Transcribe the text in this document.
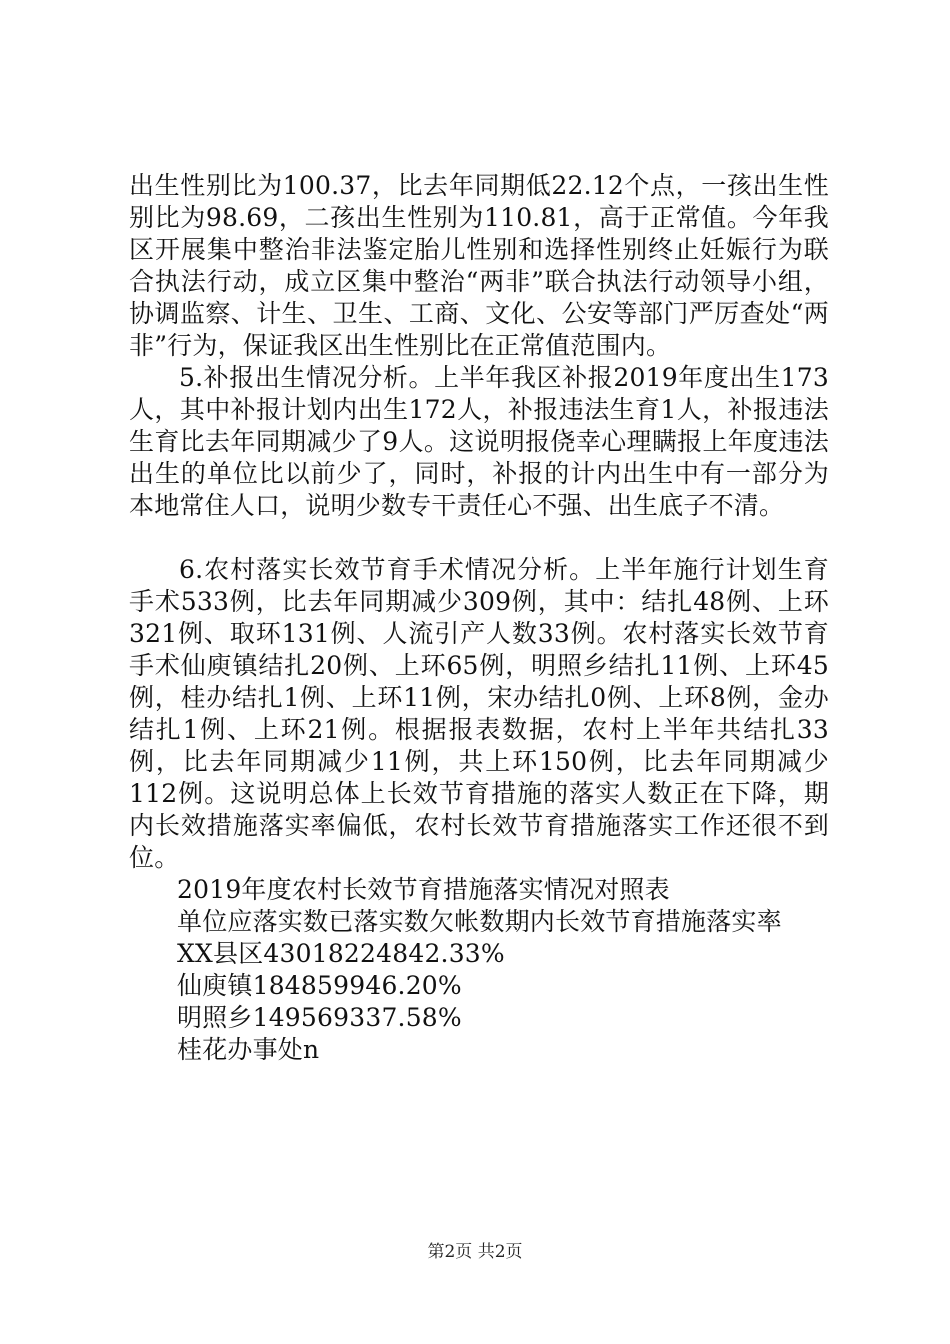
出生性别比为100.37，比去年同期低22.12个点，一孩出生性别比为98.69，二孩出生性别为110.81，高于正常值。今年我区开展集中整治非法鉴定胎儿性别和选择性别终止妊娠行为联合执法行动，成立区集中整治“两非”联合执法行动领导小组，协调监察、计生、卫生、工商、文化、公安等部门严厉查处“两非”行为，保证我区出生性别比在正常值范围内。

5.补报出生情况分析。上半年我区补报2019年度出生173人，其中补报计划内出生172人，补报违法生育1人，补报违法生育比去年同期减少了9人。这说明报侥幸心理瞒报上年度违法出生的单位比以前少了，同时，补报的计内出生中有一部分为本地常住人口，说明少数专干责任心不强、出生底子不清。

6.农村落实长效节育手术情况分析。上半年施行计划生育手术533例，比去年同期减少309例，其中：结扎48例、上环321例、取环131例、人流引产人数33例。农村落实长效节育手术仙庾镇结扎20例、上环65例，明照乡结扎11例、上环45例，桂办结扎1例、上环11例，宋办结扎0例、上环8例，金办结扎1例、上环21例。根据报表数据，农村上半年共结扎33例，比去年同期减少11例，共上环150例，比去年同期减少112例。这说明总体上长效节育措施的落实人数正在下降，期内长效措施落实率偏低，农村长效节育措施落实工作还很不到位。

2019年度农村长效节育措施落实情况对照表

单位应落实数已落实数欠帐数期内长效节育措施落实率

XX县区43018224842.33%

仙庾镇184859946.20%

明照乡149569337.58%

桂花办事处n

第2页 共2页
